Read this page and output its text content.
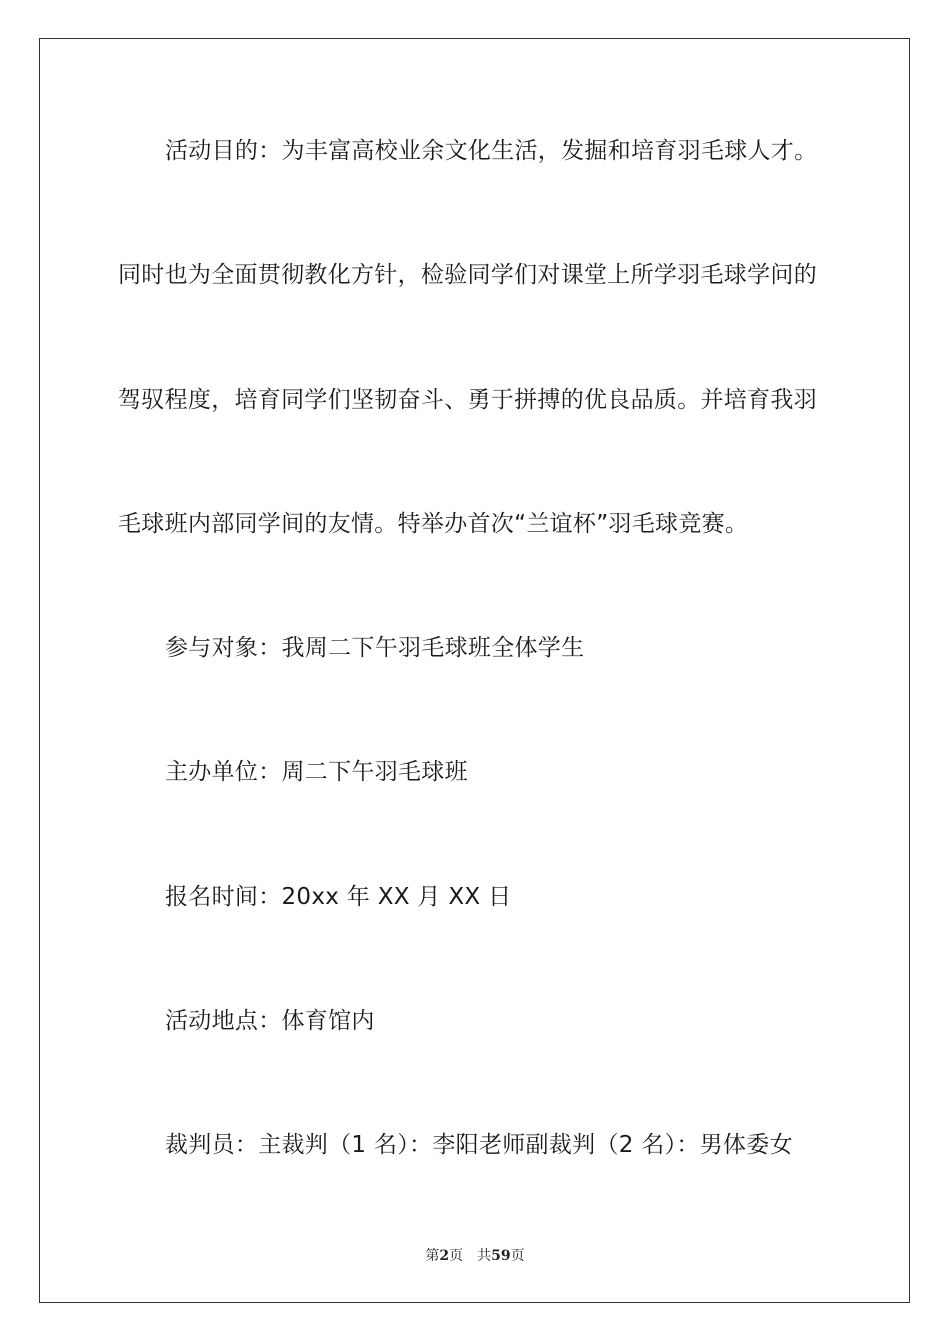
活动目的：为丰富高校业余文化生活，发掘和培育羽毛球人才。
同时也为全面贯彻教化方针，检验同学们对课堂上所学羽毛球学问的
驾驭程度，培育同学们坚韧奋斗、勇于拼搏的优良品质。并培育我羽
毛球班内部同学间的友情。特举办首次“兰谊杯”羽毛球竞赛。
参与对象：我周二下午羽毛球班全体学生
主办单位：周二下午羽毛球班
报名时间：20xx 年 XX 月 XX 日
活动地点：体育馆内
裁判员：主裁判（1 名）：李阳老师副裁判（2 名）：男体委女
第2页 共59页
